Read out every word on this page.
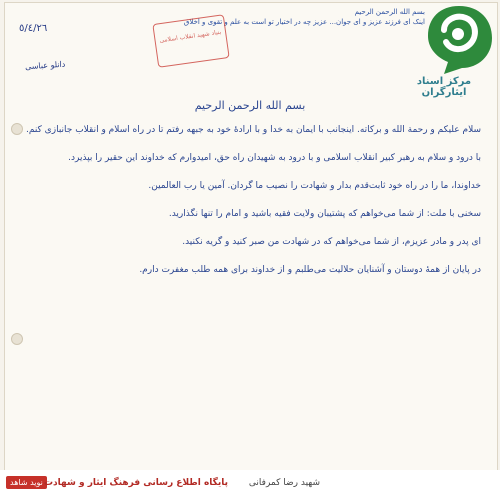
بسم الله الرحمن الرحيم
اینک ای فرزند عزیز و ای جوان... عزیز چه در اختیار تو است به علم و تقوی و اخلاق
بنیاد شهید انقلاب اسلامی
٥/٤/٢٦
دانلو عباسی
بسم الله الرحمن الرحیم

سلام علیکم و رحمة الله و برکاته. اینجانب با ایمان به خدا و با ارادهٔ خود به جبهه رفتم تا در راه اسلام و انقلاب جانبازی کنم.

با درود و سلام به رهبر کبیر انقلاب اسلامی و با درود به شهیدان راه حق، امیدوارم که خداوند این حقیر را بپذیرد.

خداوندا، ما را در راه خود ثابت‌قدم بدار و شهادت را نصیب ما گردان. آمین یا رب العالمین.

سخنی با ملت: از شما می‌خواهم که پشتیبان ولایت فقیه باشید و امام را تنها نگذارید.

ای پدر و مادر عزیزم، از شما می‌خواهم که در شهادت من صبر کنید و گریه نکنید.

در پایان از همهٔ دوستان و آشنایان حلالیت می‌طلبم و از خداوند برای همه طلب مغفرت دارم.

مرکز اسناد ایثارگران
نوید شاهد پایگاه اطلاع رسانی فرهنگ ایثار و شهادت شهید رضا کمرفانی
